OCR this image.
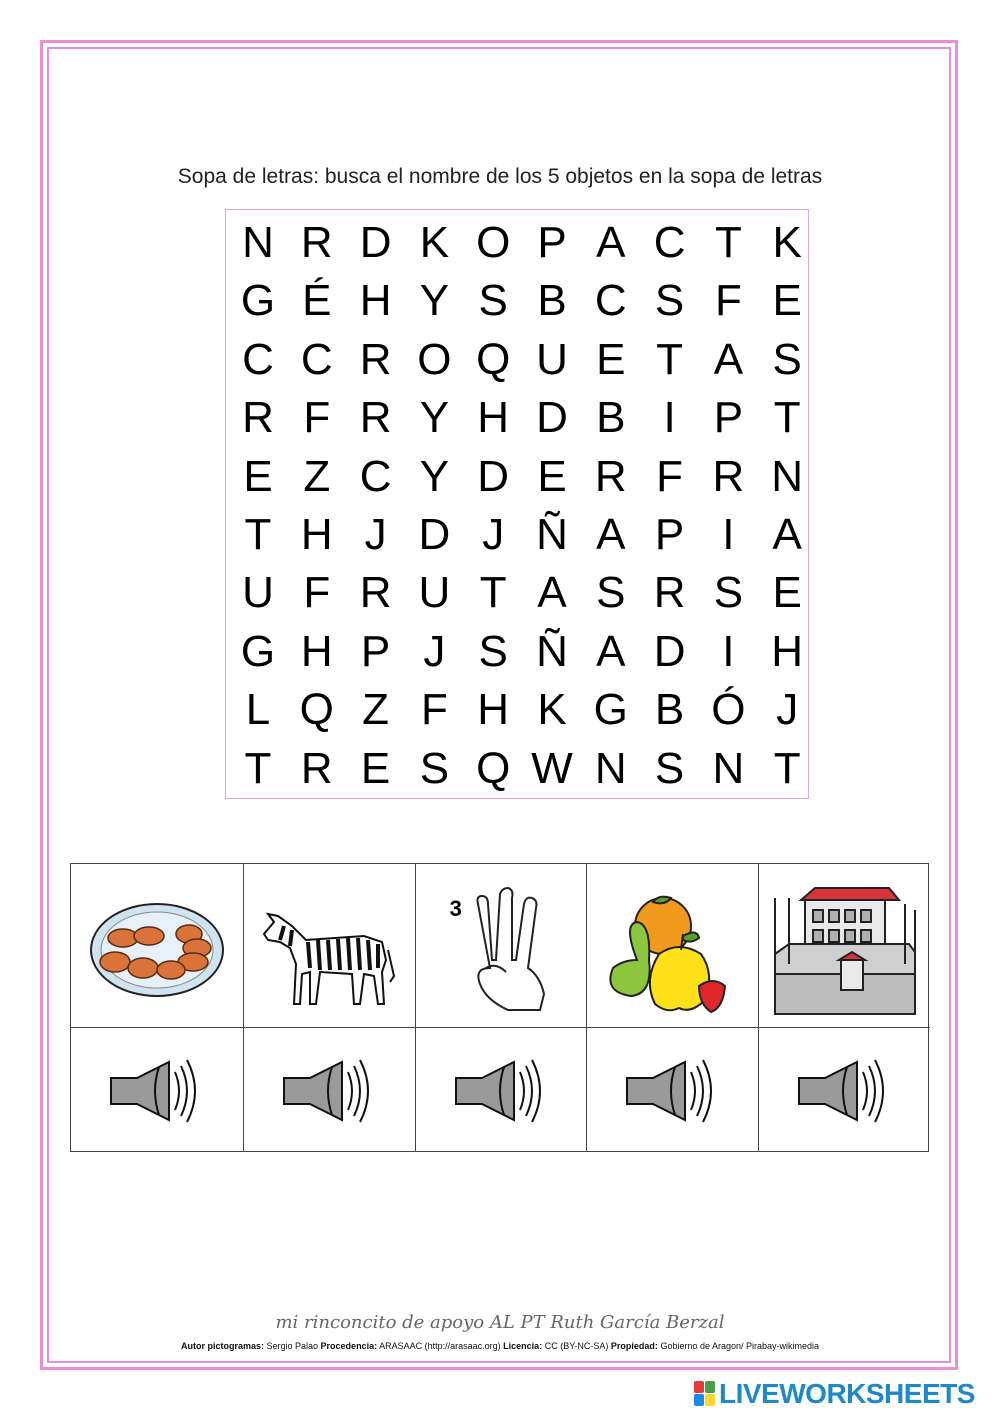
Sopa de letras: busca el nombre de los 5 objetos en la sopa de letras
N R D K O P A C T K
G É H Y S B C S F E
C C R O Q U E T A S
R F R Y H D B I P T
E Z C Y D E R F R N
T H J D J Ñ A P I A
U F R U T A S R S E
G H P J S Ñ A D I H
L Q Z F H K G B Ó J
T R E S Q W N S N T
3
mi rinconcito de apoyo AL PT Ruth García Berzal
Autor pictogramas: Sergio Palao Procedencia: ARASAAC (http://arasaac.org) Licencia: CC (BY-NC-SA) Propiedad: Gobierno de Aragon/ Pirabay-wikimedia
LIVEWORKSHEETS
